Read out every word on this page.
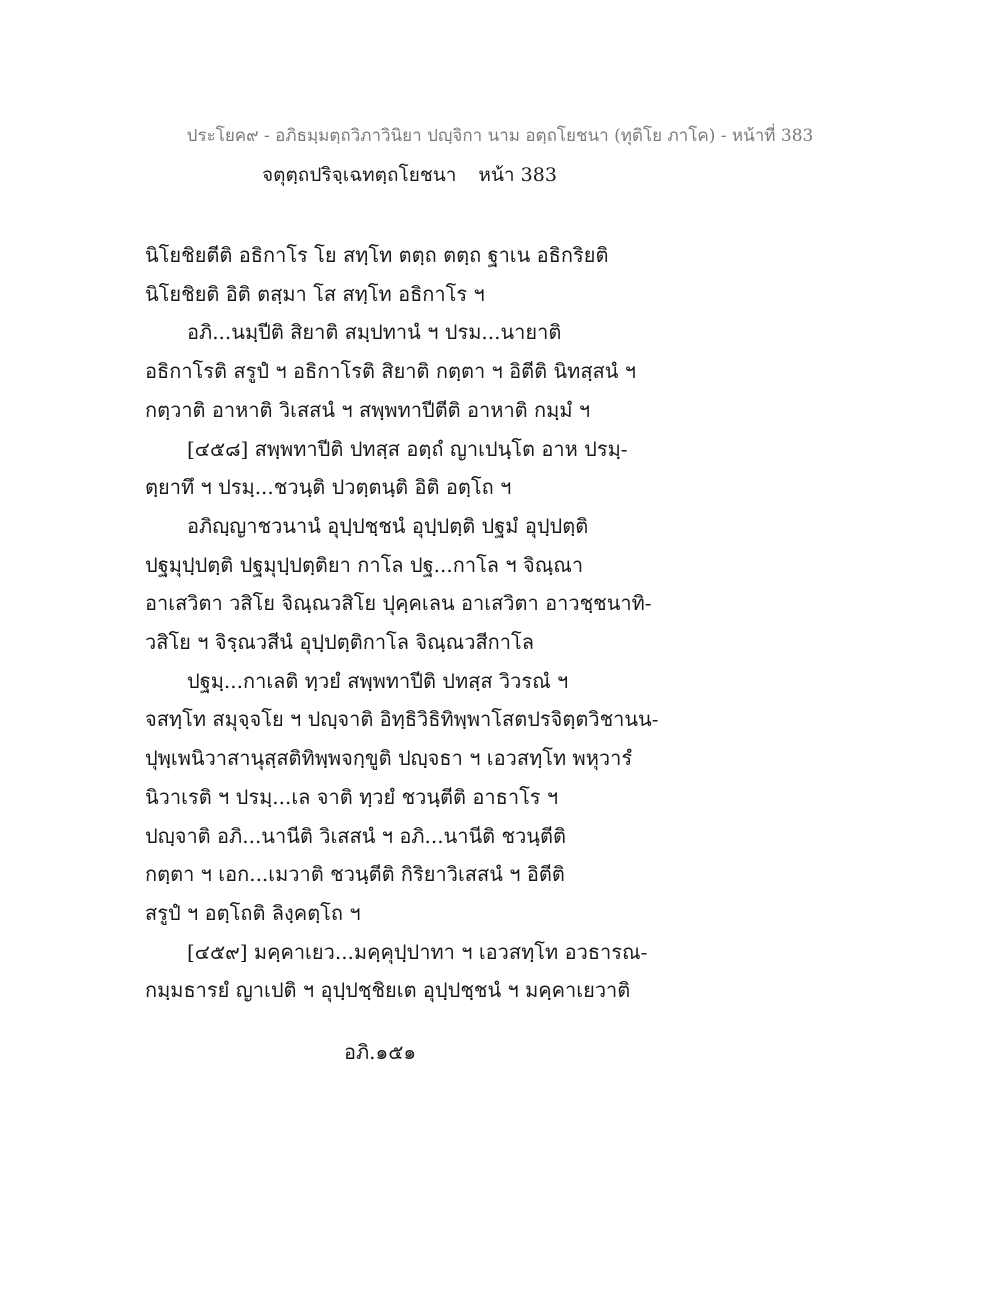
ประโยค๙ - อภิธมฺมตฺถวิภาวินิยา ปญฺจิกา นาม อตฺถโยชนา (ทุติโย ภาโค) - หน้าที่ 383
จตุตฺถปริจฺเฉทตฺถโยชนา หน้า 383
นิโยชิยตีติ อธิกาโร โย สทฺโท ตตฺถ ตตฺถ ฐาเน อธิกริยติ
นิโยชิยติ อิติ ตสฺมา โส สทฺโท อธิกาโร ฯ
อภิ...นมฺปีติ สิยาติ สมฺปทานํ ฯ ปรม...นายาติ
อธิกาโรติ สรูปํ ฯ อธิกาโรติ สิยาติ กตฺตา ฯ อิตีติ นิทสฺสนํ ฯ
กตฺวาติ อาหาติ วิเสสนํ ฯ สพฺพทาปีตีติ อาหาติ กมฺมํ ฯ
[๔๕๘] สพฺพทาปีติ ปทสฺส อตฺถํ ญาเปนฺโต อาห ปรมฺ-
ตฺยาทึ ฯ ปรมฺ...ชวนฺติ ปวตฺตนฺติ อิติ อตฺโถ ฯ
อภิญฺญาชวนานํ อุปฺปชฺชนํ อุปฺปตฺติ ปฐมํ อุปฺปตฺติ
ปฐมุปฺปตฺติ ปฐมุปฺปตฺติยา กาโล ปฐ...กาโล ฯ จิณฺณา
อาเสวิตา วสิโย จิณฺณวสิโย ปุคฺคเลน อาเสวิตา อาวชฺชนาทิ-
วสิโย ฯ จิรฺณวสีนํ อุปฺปตฺติกาโล จิณฺณวสีกาโล
ปฐมฺ...กาเลติ ทฺวยํ สพฺพทาปีติ ปทสฺส วิวรณํ ฯ
จสทฺโท สมุจฺจโย ฯ ปญฺจาติ อิทฺธิวิธิทิพฺพาโสตปรจิตฺตวิชานน-
ปุพฺเพนิวาสานุสฺสติทิพฺพจกฺขูติ ปญฺจธา ฯ เอวสทฺโท พหุวารํ
นิวาเรติ ฯ ปรมฺ...เล จาติ ทฺวยํ ชวนฺตีติ อาธาโร ฯ
ปญฺจาติ อภิ...นานีติ วิเสสนํ ฯ อภิ...นานีติ ชวนฺตีติ
กตฺตา ฯ เอก...เมวาติ ชวนฺตีติ กิริยาวิเสสนํ ฯ อิตีติ
สรูปํ ฯ อตฺโถติ ลิงฺคตฺโถ ฯ
[๔๕๙] มคฺคาเยว...มคฺคุปฺปาทา ฯ เอวสทฺโท อวธารณ-
กมฺมธารยํ ญาเปติ ฯ อุปฺปชฺชิยเต อุปฺปชฺชนํ ฯ มคฺคาเยวาติ
อภิ.๑๕๑
